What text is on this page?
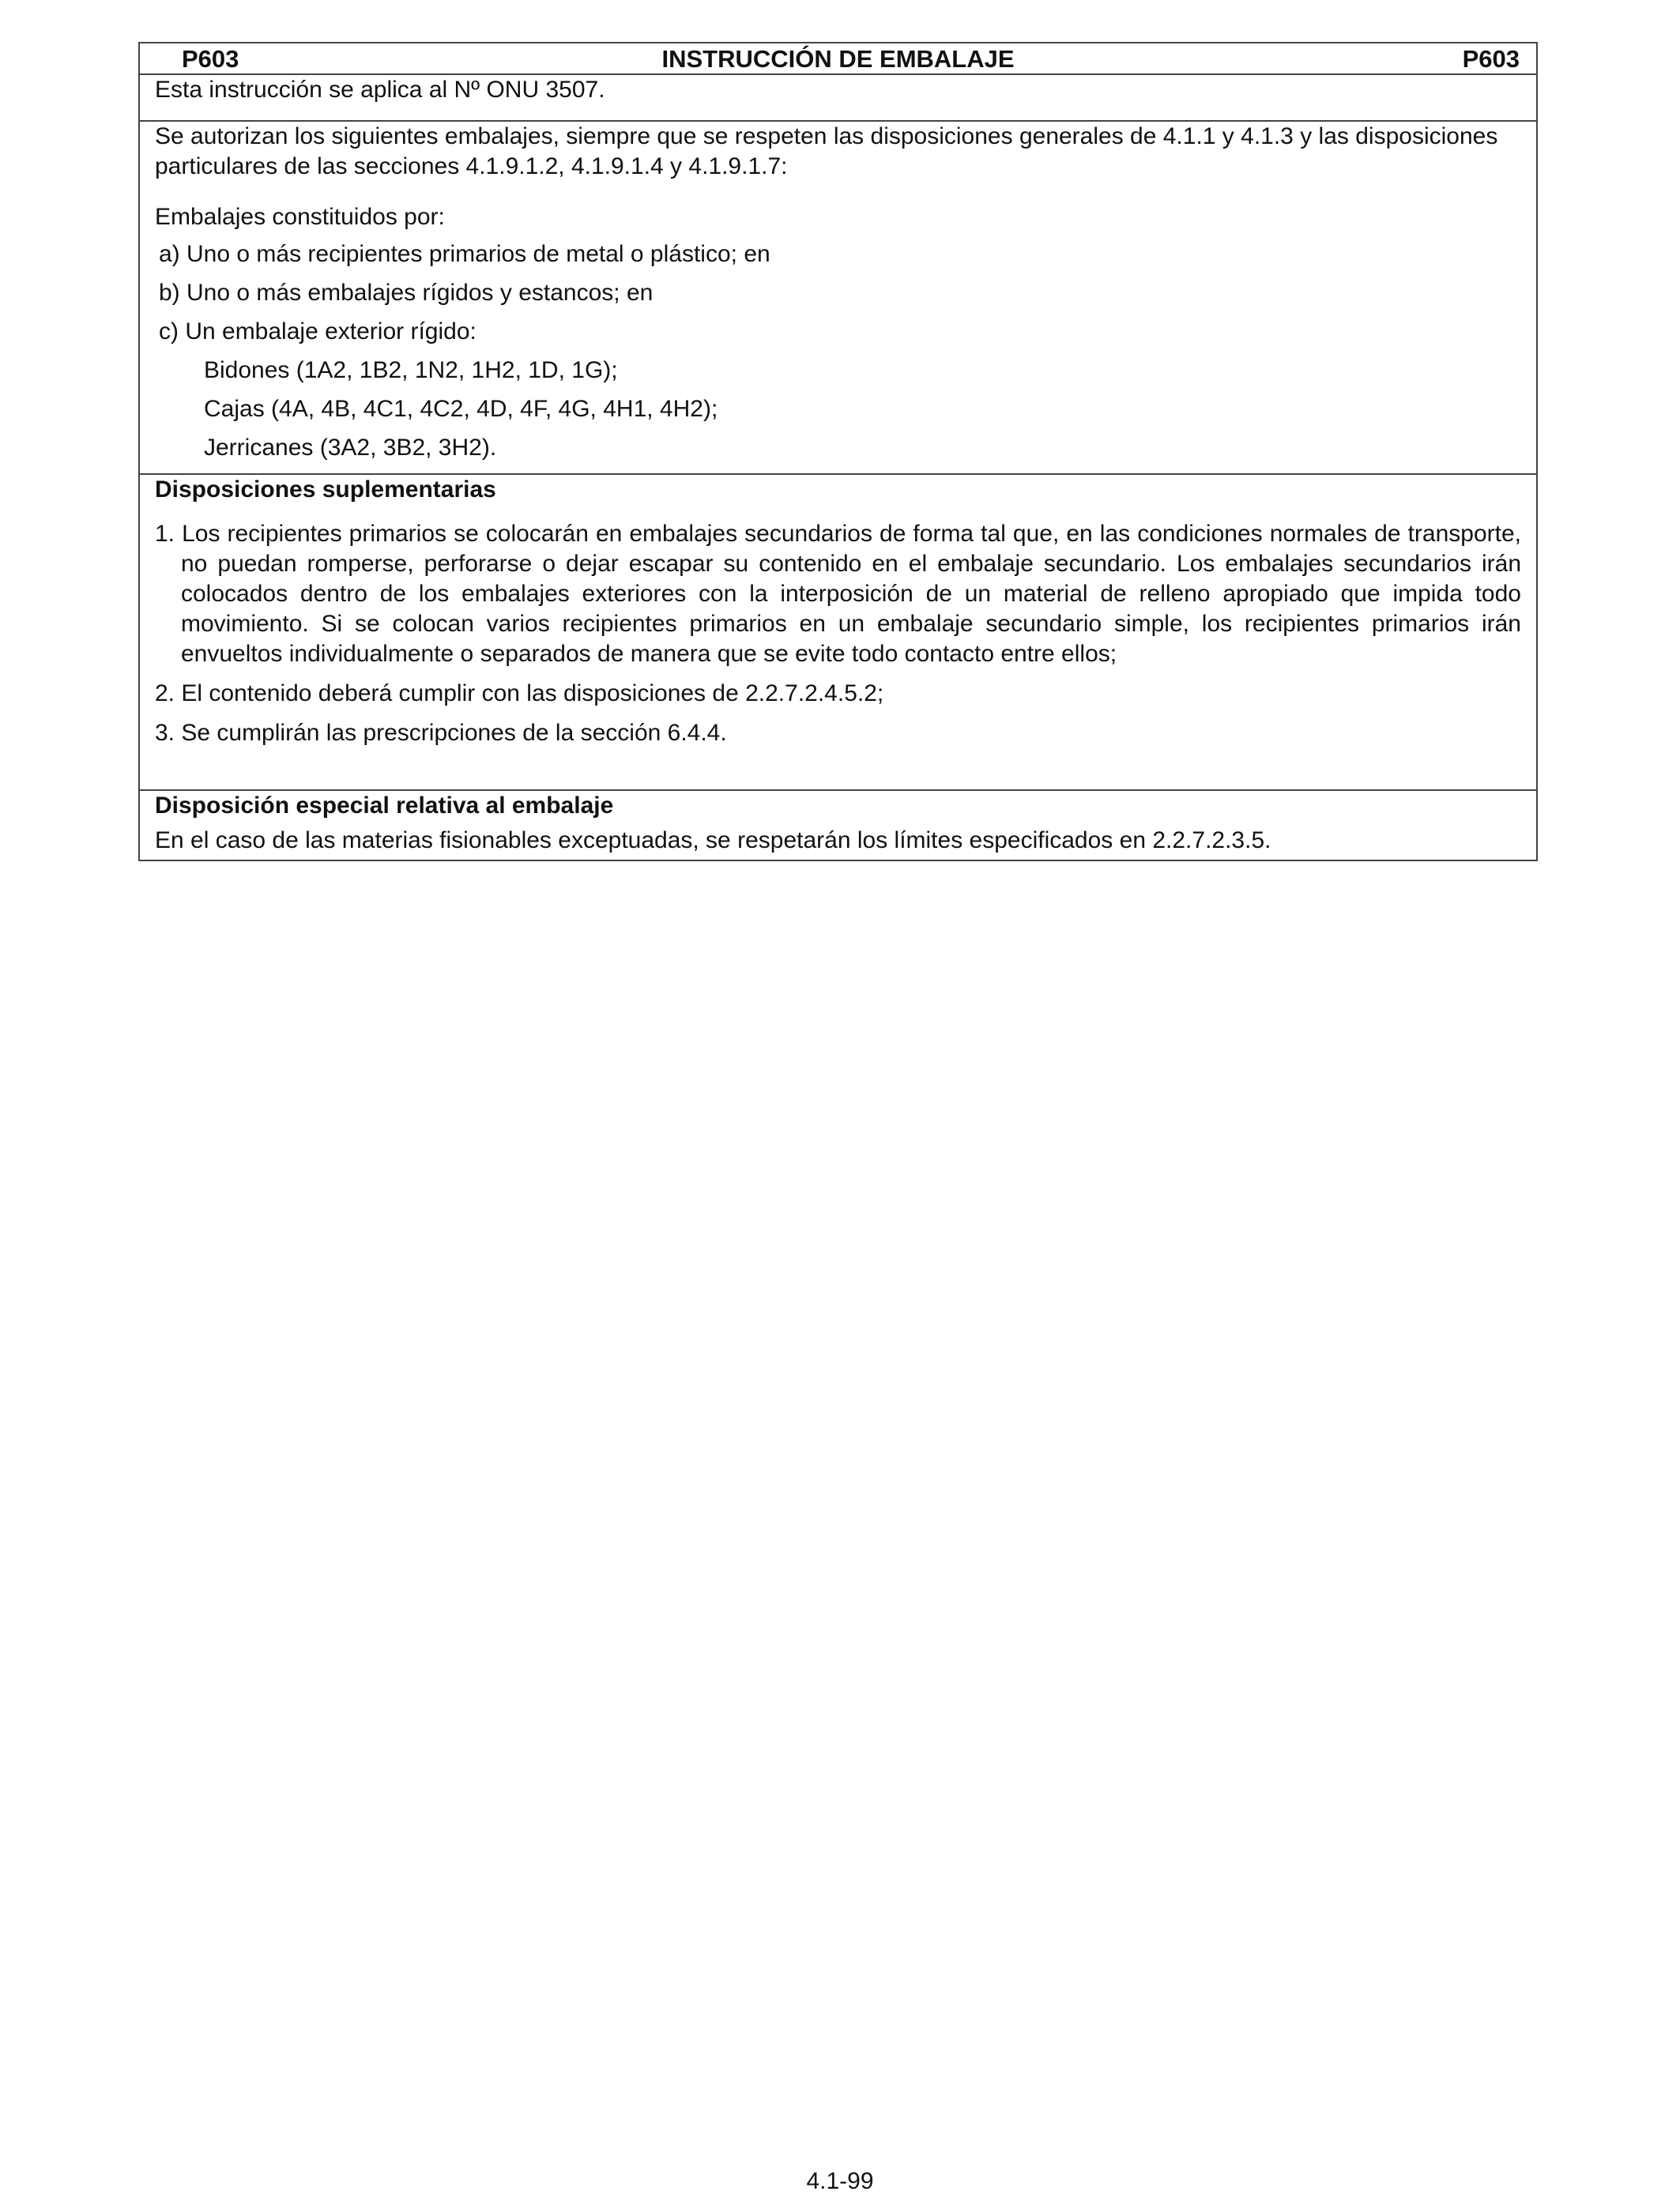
P603	INSTRUCCIÓN DE EMBALAJE	P603
Esta instrucción se aplica al Nº ONU 3507.

Se autorizan los siguientes embalajes, siempre que se respeten las disposiciones generales de 4.1.1 y 4.1.3 y las disposiciones particulares de las secciones 4.1.9.1.2, 4.1.9.1.4 y 4.1.9.1.7:

Embalajes constituidos por:

a) Uno o más recipientes primarios de metal o plástico; en
b) Uno o más embalajes rígidos y estancos; en
c) Un embalaje exterior rígido:
Bidones (1A2, 1B2, 1N2, 1H2, 1D, 1G);
Cajas (4A, 4B, 4C1, 4C2, 4D, 4F, 4G, 4H1, 4H2);
Jerricanes (3A2, 3B2, 3H2).

Disposiciones suplementarias

1. Los recipientes primarios se colocarán en embalajes secundarios de forma tal que, en las condiciones normales de transporte, no puedan romperse, perforarse o dejar escapar su contenido en el embalaje secundario. Los embalajes secundarios irán colocados dentro de los embalajes exteriores con la interposición de un material de relleno apropiado que impida todo movimiento. Si se colocan varios recipientes primarios en un embalaje secundario simple, los recipientes primarios irán envueltos individualmente o separados de manera que se evite todo contacto entre ellos;

2. El contenido deberá cumplir con las disposiciones de 2.2.7.2.4.5.2;

3. Se cumplirán las prescripciones de la sección 6.4.4.

Disposición especial relativa al embalaje

En el caso de las materias fisionables exceptuadas, se respetarán los límites especificados en 2.2.7.2.3.5.

4.1-99
